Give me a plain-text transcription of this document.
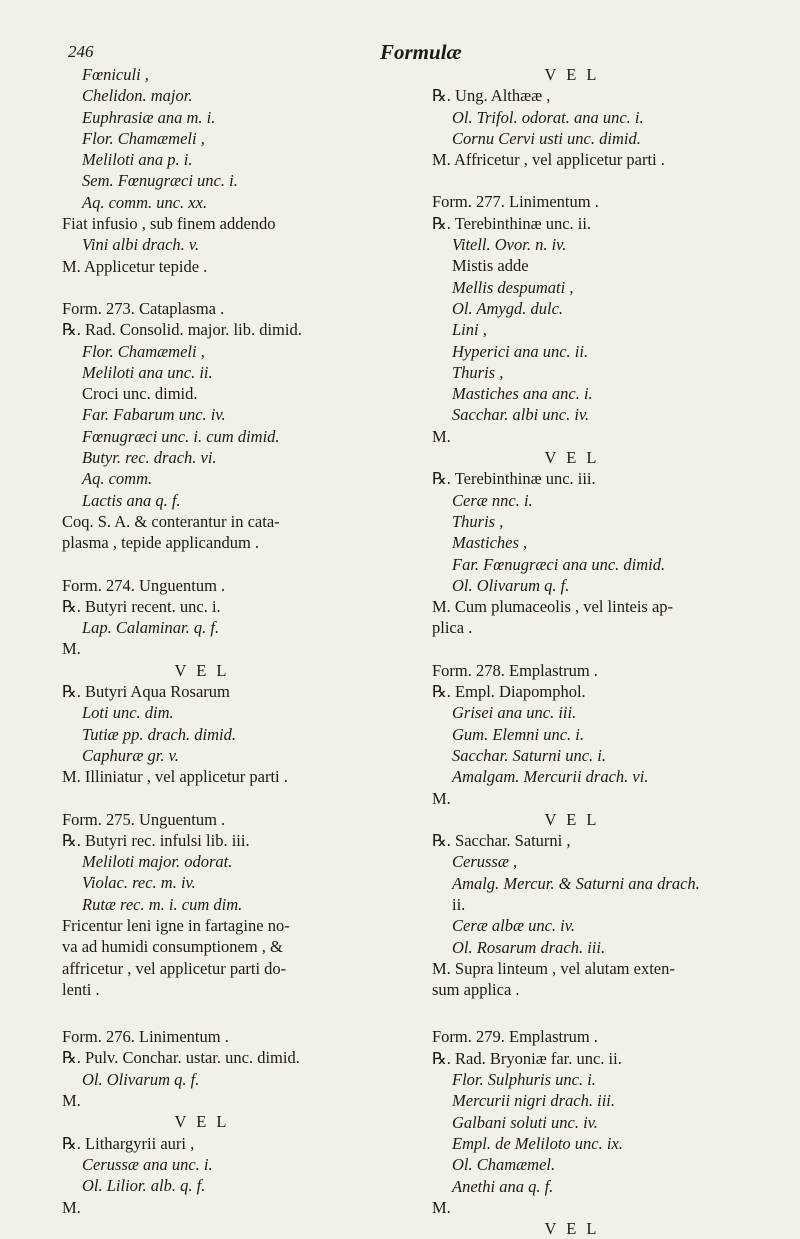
246	Formulæ
Fœniculi ,
Chelidon. major.
Euphrasiæ ana m. i.
Flor. Chamæmeli ,
Meliloti ana p. i.
Sem. Fœnugræci unc. i.
Aq. comm. unc. xx.
Fiat infusio , sub finem addendo
Vini albi drach. v.
M. Applicetur tepide .
Form. 273. Cataplasma .
℞. Rad. Consolid. major. lib. dimid.
Flor. Chamæmeli ,
Meliloti ana unc. ii.
Croci unc. dimid.
Far. Fabarum unc. iv.
Fœnugræci unc. i. cum dimid.
Butyr. rec. drach. vi.
Aq. comm.
Lactis ana q. f.
Coq. S. A. & conterantur in cata-
plasma , tepide applicandum .
Form. 274. Unguentum .
℞. Butyri recent. unc. i.
Lap. Calaminar. q. f.
M.
V E L
℞. Butyri Aqua Rosarum
Loti unc. dim.
Tutiæ pp. drach. dimid.
Caphuræ gr. v.
M. Illiniatur , vel applicetur parti .
Form. 275. Unguentum .
℞. Butyri rec. infulsi lib. iii.
Meliloti major. odorat.
Violac. rec. m. iv.
Rutæ rec. m. i. cum dim.
Fricentur leni igne in fartagine no-
va ad humidi consumptionem , &
affricetur , vel applicetur parti do-
lenti .
Form. 276. Linimentum .
℞. Pulv. Conchar. ustar. unc. dimid.
Ol. Olivarum q. f.
M.
V E L
℞. Lithargyrii auri ,
Cerussæ ana unc. i.
Ol. Lilior. alb. q. f.
M.
V E L
℞. Ung. Althææ ,
Ol. Trifol. odorat. ana unc. i.
Cornu Cervi usti unc. dimid.
M. Affricetur , vel applicetur parti .
Form. 277. Linimentum .
℞. Terebinthinæ unc. ii.
Vitell. Ovor. n. iv.
Mistis adde
Mellis despumati ,
Ol. Amygd. dulc.
Lini ,
Hyperici ana unc. ii.
Thuris ,
Mastiches ana anc. i.
Sacchar. albi unc. iv.
M.
V E L
℞. Terebinthinæ unc. iii.
Ceræ nnc. i.
Thuris ,
Mastiches ,
Far. Fœnugræci ana unc. dimid.
Ol. Olivarum q. f.
M. Cum plumaceolis , vel linteis ap-
plica .
Form. 278. Emplastrum .
℞. Empl. Diapomphol.
Grisei ana unc. iii.
Gum. Elemni unc. i.
Sacchar. Saturni unc. i.
Amalgam. Mercurii drach. vi.
M.
V E L
℞. Sacchar. Saturni ,
Cerussæ ,
Amalg. Mercur. & Saturni ana drach.
ii.
Ceræ albæ unc. iv.
Ol. Rosarum drach. iii.
M. Supra linteum , vel alutam exten-
sum applica .
Form. 279. Emplastrum .
℞. Rad. Bryoniæ far. unc. ii.
Flor. Sulphuris unc. i.
Mercurii nigri drach. iii.
Galbani soluti unc. iv.
Empl. de Meliloto unc. ix.
Ol. Chamæmel.
Anethi ana q. f.
M.
V E L
